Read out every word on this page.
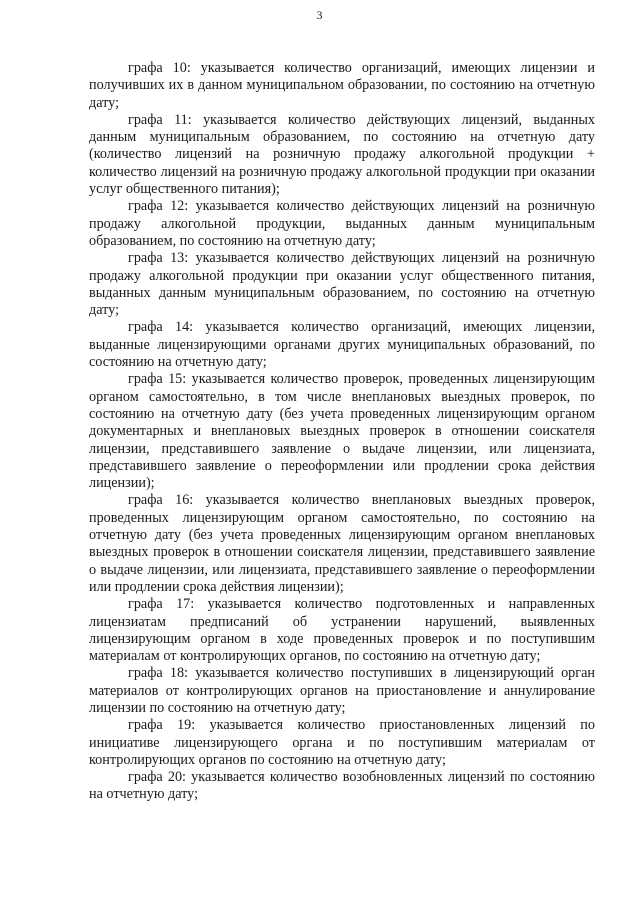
3

графа 10: указывается количество организаций, имеющих лицензии и получивших их в данном муниципальном образовании, по состоянию на отчетную дату;

графа 11: указывается количество действующих лицензий, выданных данным муниципальным образованием, по состоянию на отчетную дату (количество лицензий на розничную продажу алкогольной продукции + количество лицензий на розничную продажу алкогольной продукции при оказании услуг общественного питания);

графа 12: указывается количество действующих лицензий на розничную продажу алкогольной продукции, выданных данным муниципальным образованием, по состоянию на отчетную дату;

графа 13: указывается количество действующих лицензий на розничную продажу алкогольной продукции при оказании услуг общественного питания, выданных данным муниципальным образованием, по состоянию на отчетную дату;

графа 14: указывается количество организаций, имеющих лицензии, выданные лицензирующими органами других муниципальных образований, по состоянию на отчетную дату;

графа 15: указывается количество проверок, проведенных лицензирующим органом самостоятельно, в том числе внеплановых выездных проверок, по состоянию на отчетную дату (без учета проведенных лицензирующим органом документарных и внеплановых выездных проверок в отношении соискателя лицензии, представившего заявление о выдаче лицензии, или лицензиата, представившего заявление о переоформлении или продлении срока действия лицензии);

графа 16: указывается количество внеплановых выездных проверок, проведенных лицензирующим органом самостоятельно, по состоянию на отчетную дату (без учета проведенных лицензирующим органом внеплановых выездных проверок в отношении соискателя лицензии, представившего заявление о выдаче лицензии, или лицензиата, представившего заявление о переоформлении или продлении срока действия лицензии);

графа 17: указывается количество подготовленных и направленных лицензиатам предписаний об устранении нарушений, выявленных лицензирующим органом в ходе проведенных проверок и по поступившим материалам от контролирующих органов, по состоянию на отчетную дату;

графа 18: указывается количество поступивших в лицензирующий орган материалов от контролирующих органов на приостановление и аннулирование лицензии по состоянию на отчетную дату;

графа 19: указывается количество приостановленных лицензий по инициативе лицензирующего органа и по поступившим материалам от контролирующих органов по состоянию на отчетную дату;

графа 20: указывается количество возобновленных лицензий по состоянию на отчетную дату;
